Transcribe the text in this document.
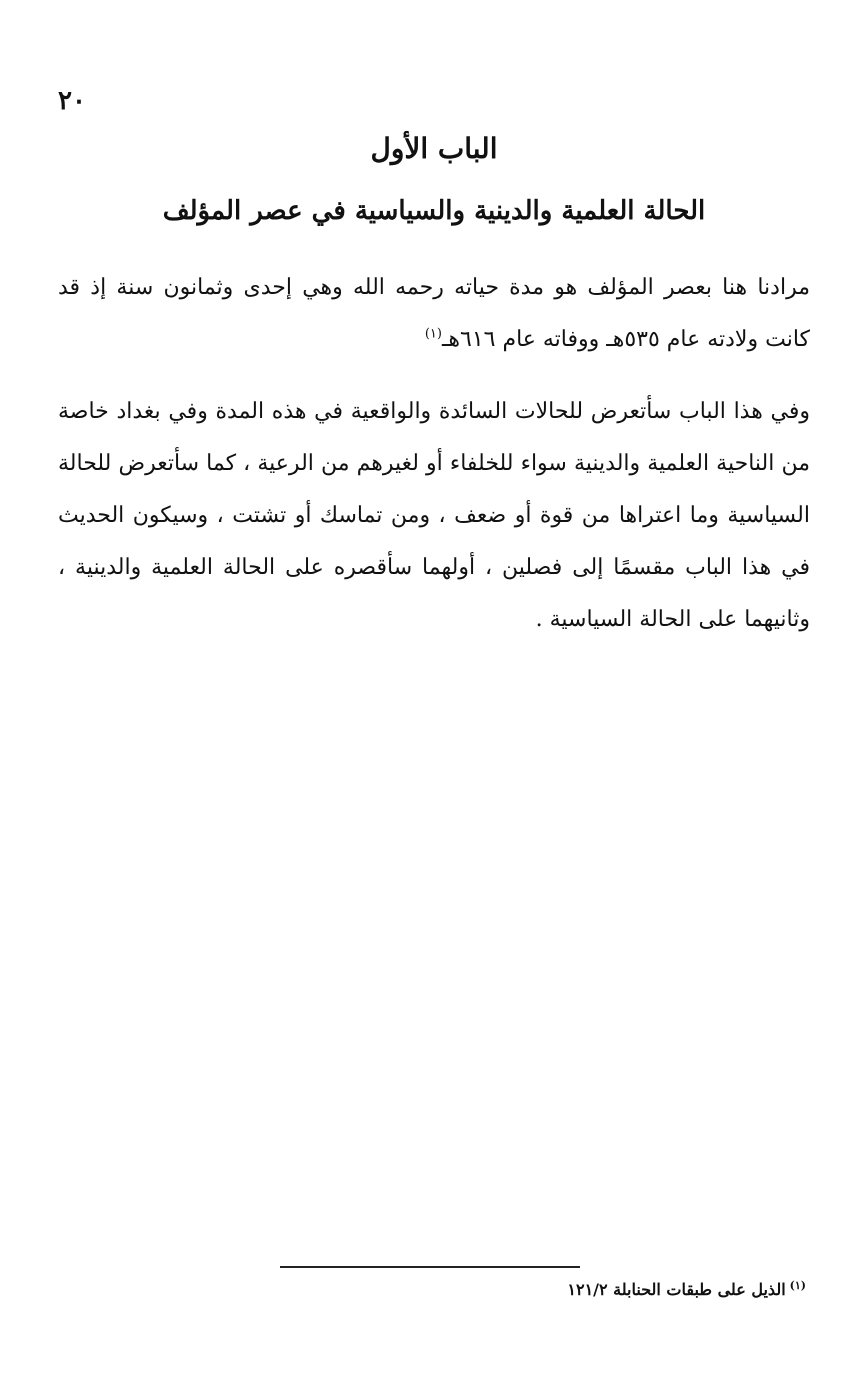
٢٠
الباب الأول
الحالة العلمية والدينية والسياسية في عصر المؤلف

مرادنا هنا بعصر المؤلف هو مدة حياته رحمه الله وهي إحدى وثمانون سنة إذ قد كانت ولادته عام ٥٣٥هـ ووفاته عام ٦١٦هـ$^{(١)}$

وفي هذا الباب سأتعرض للحالات السائدة والواقعية في هذه المدة وفي بغداد خاصة من الناحية العلمية والدينية سواء للخلفاء أو لغيرهم من الرعية ، كما سأتعرض للحالة السياسية وما اعتراها من قوة أو ضعف ، ومن تماسك أو تشتت ، وسيكون الحديث في هذا الباب مقسمًا إلى فصلين ، أولهما سأقصره على الحالة العلمية والدينية ، وثانيهما على الحالة السياسية .

$^{(١)}$الذيل على طبقات الحنابلة ١٢١/٢
